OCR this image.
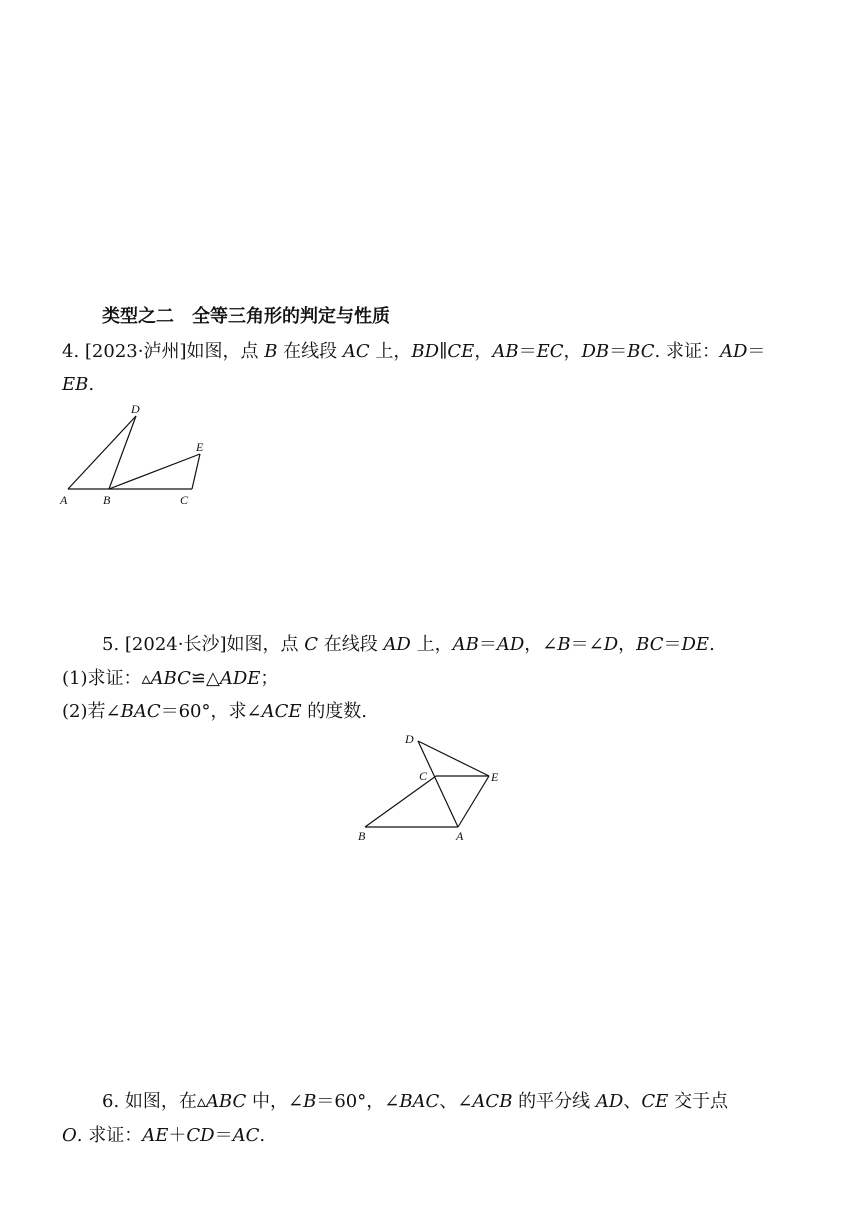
类型之二　全等三角形的判定与性质
4. [2023·泸州]如图，点 B 在线段 AC 上，BD∥CE，AB＝EC，DB＝BC. 求证：AD＝
EB.
A	B	C
D
E
5. [2024·长沙]如图，点 C 在线段 AD 上，AB＝AD，∠B＝∠D，BC＝DE.
(1)求证：▵ABC≌△ADE；
(2)若∠BAC＝60°，求∠ACE 的度数.
D
C	E
B	A
6. 如图，在▵ABC 中，∠B＝60°，∠BAC、∠ACB 的平分线 AD、CE 交于点
O. 求证：AE＋CD＝AC.
